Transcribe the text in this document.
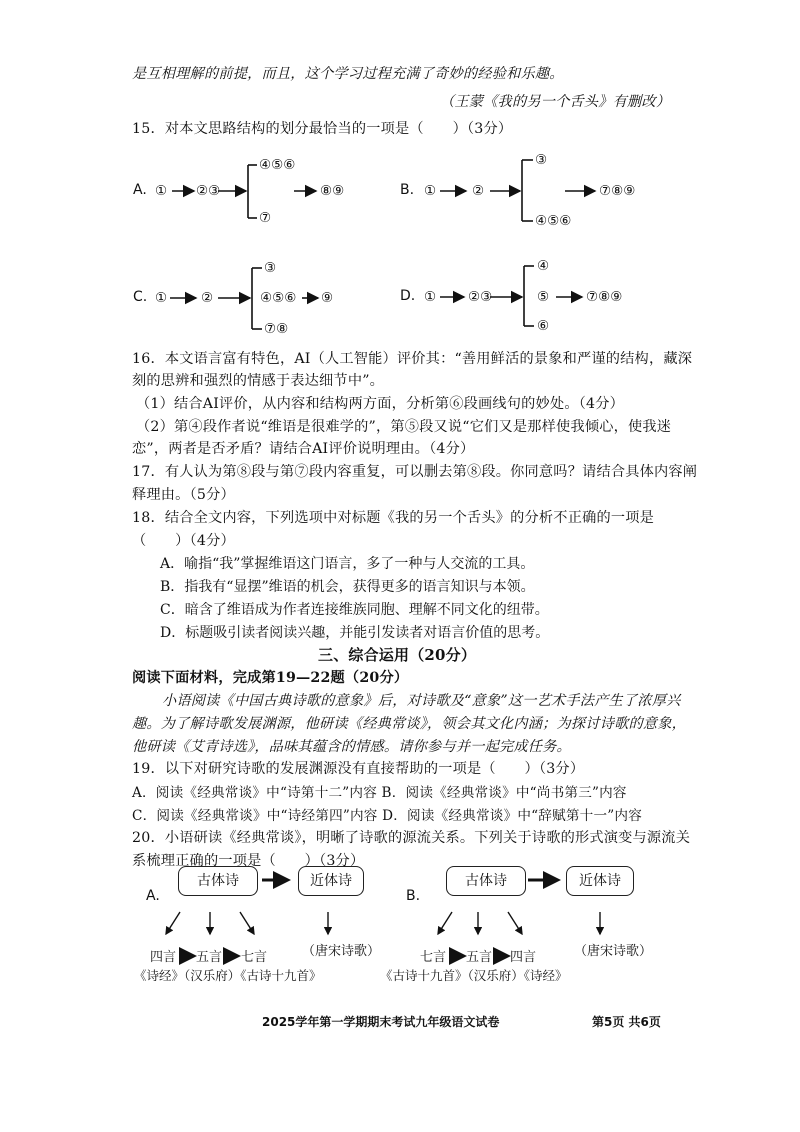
是互相理解的前提，而且，这个学习过程充满了奇妙的经验和乐趣。
（王蒙《我的另一个舌头》有删改）
15．对本文思路结构的划分最恰当的一项是（　　）（3分）
A. ① ②③
④⑤⑥
⑦
⑧⑨	B. ①	②
③
④⑤⑥
⑦⑧⑨
C. ①	②
③
④⑤⑥
⑦⑧
⑨	D. ① ②③
④
⑤
⑥
⑦⑧⑨
16．本文语言富有特色，AI（人工智能）评价其：“善用鲜活的景象和严谨的结构，藏深
刻的思辨和强烈的情感于表达细节中”。
（1）结合AI评价，从内容和结构两方面，分析第⑥段画线句的妙处。（4分）
（2）第④段作者说“维语是很难学的”，第⑤段又说“它们又是那样使我倾心，使我迷
恋”，两者是否矛盾？请结合AI评价说明理由。（4分）
17．有人认为第⑧段与第⑦段内容重复，可以删去第⑧段。你同意吗？请结合具体内容阐
释理由。（5分）
18．结合全文内容，下列选项中对标题《我的另一个舌头》的分析不正确的一项是
（　　）（4分）
A．喻指“我”掌握维语这门语言，多了一种与人交流的工具。
B．指我有“显摆”维语的机会，获得更多的语言知识与本领。
C．暗含了维语成为作者连接维族同胞、理解不同文化的纽带。
D．标题吸引读者阅读兴趣，并能引发读者对语言价值的思考。
三、综合运用（20分）
阅读下面材料，完成第19—22题（20分）
小语阅读《中国古典诗歌的意象》后，对诗歌及“意象”这一艺术手法产生了浓厚兴
趣。为了解诗歌发展渊源，他研读《经典常谈》，领会其文化内涵；为探讨诗歌的意象，
他研读《艾青诗选》，品味其蕴含的情感。请你参与并一起完成任务。
19．以下对研究诗歌的发展渊源没有直接帮助的一项是（　　）（3分）
A．阅读《经典常谈》中“诗第十二”内容 B．阅读《经典常谈》中“尚书第三”内容
C．阅读《经典常谈》中“诗经第四”内容 D．阅读《经典常谈》中“辞赋第十一”内容
20．小语研读《经典常谈》，明晰了诗歌的源流关系。下列关于诗歌的形式演变与源流关
系梳理正确的一项是（　　）（3分）
A.
古体诗	近体诗
四言 五言 七言	（唐宋诗歌）
《诗经》（汉乐府）《古诗十九首》
B.
古体诗	近体诗
七言 五言 四言	（唐宋诗歌）
《古诗十九首》（汉乐府）《诗经》
2025学年第一学期期末考试九年级语文试卷	第5页 共6页
